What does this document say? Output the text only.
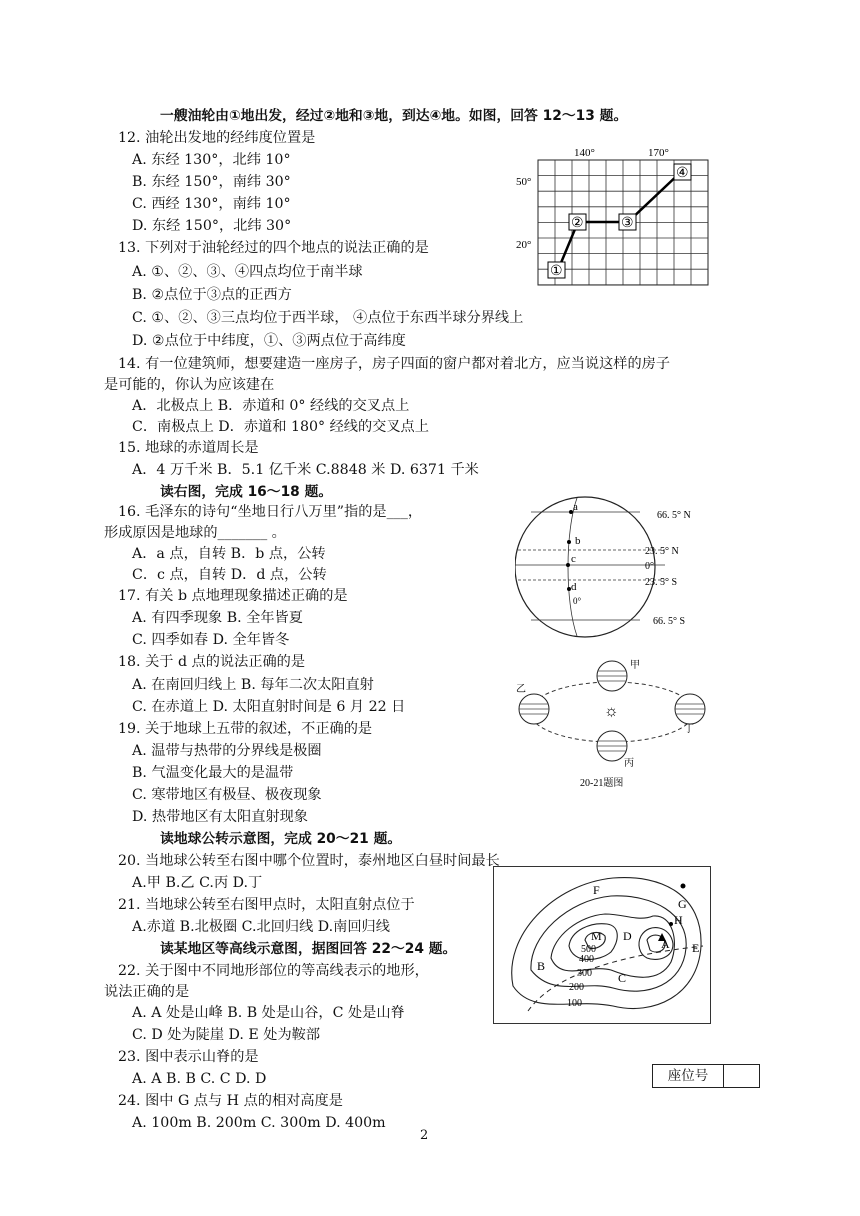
一艘油轮由①地出发，经过②地和③地，到达④地。如图，回答 12～13 题。
12. 油轮出发地的经纬度位置是
A. 东经 130°，北纬 10°
B. 东经 150°，南纬 30°
C. 西经 130°，南纬 10°
D. 东经 150°，北纬 30°
13. 下列对于油轮经过的四个地点的说法正确的是
A. ①、②、③、④四点均位于南半球
B. ②点位于③点的正西方
C. ①、②、③三点均位于西半球， ④点位于东西半球分界线上
D. ②点位于中纬度，①、③两点位于高纬度
14. 有一位建筑师，想要建造一座房子，房子四面的窗户都对着北方，应当说这样的房子
是可能的，你认为应该建在
A．北极点上 B．赤道和 0° 经线的交叉点上
C．南极点上 D．赤道和 180° 经线的交叉点上
15. 地球的赤道周长是
A．4 万千米 B．5.1 亿千米 C.8848 米 D. 6371 千米
读右图，完成 16～18 题。
16. 毛泽东的诗句“坐地日行八万里”指的是___，
形成原因是地球的_______ 。
A．a 点，自转 B．b 点，公转
C．c 点，自转 D．d 点，公转
17. 有关 b 点地理现象描述正确的是
A. 有四季现象 B. 全年皆夏
C. 四季如春 D. 全年皆冬
18. 关于 d 点的说法正确的是
A. 在南回归线上 B. 每年二次太阳直射
C. 在赤道上 D. 太阳直射时间是 6 月 22 日
19. 关于地球上五带的叙述，不正确的是
A. 温带与热带的分界线是极圈
B. 气温变化最大的是温带
C. 寒带地区有极昼、极夜现象
D. 热带地区有太阳直射现象
读地球公转示意图，完成 20～21 题。
20. 当地球公转至右图中哪个位置时，泰州地区白昼时间最长
A.甲 B.乙 C.丙 D.丁
21. 当地球公转至右图甲点时，太阳直射点位于
A.赤道 B.北极圈 C.北回归线 D.南回归线
读某地区等高线示意图，据图回答 22～24 题。
22. 关于图中不同地形部位的等高线表示的地形，
说法正确的是
A. A 处是山峰 B. B 处是山谷，C 处是山脊
C. D 处为陡崖 D. E 处为鞍部
23. 图中表示山脊的是
A. A B. B C. C D. D
24. 图中 G 点与 H 点的相对高度是
A. 100m B. 200m C. 300m D. 400m
①
②	③
④
140°	170°
50°
20°
a
b
c
d
0°
66. 5° N
23. 5° N
0°
23. 5° S
66. 5° S
☼
甲
乙
丙
丁
20-21题图
F
G
H
M D
A E
B
C
500
400
300
200
100
座位号
2
